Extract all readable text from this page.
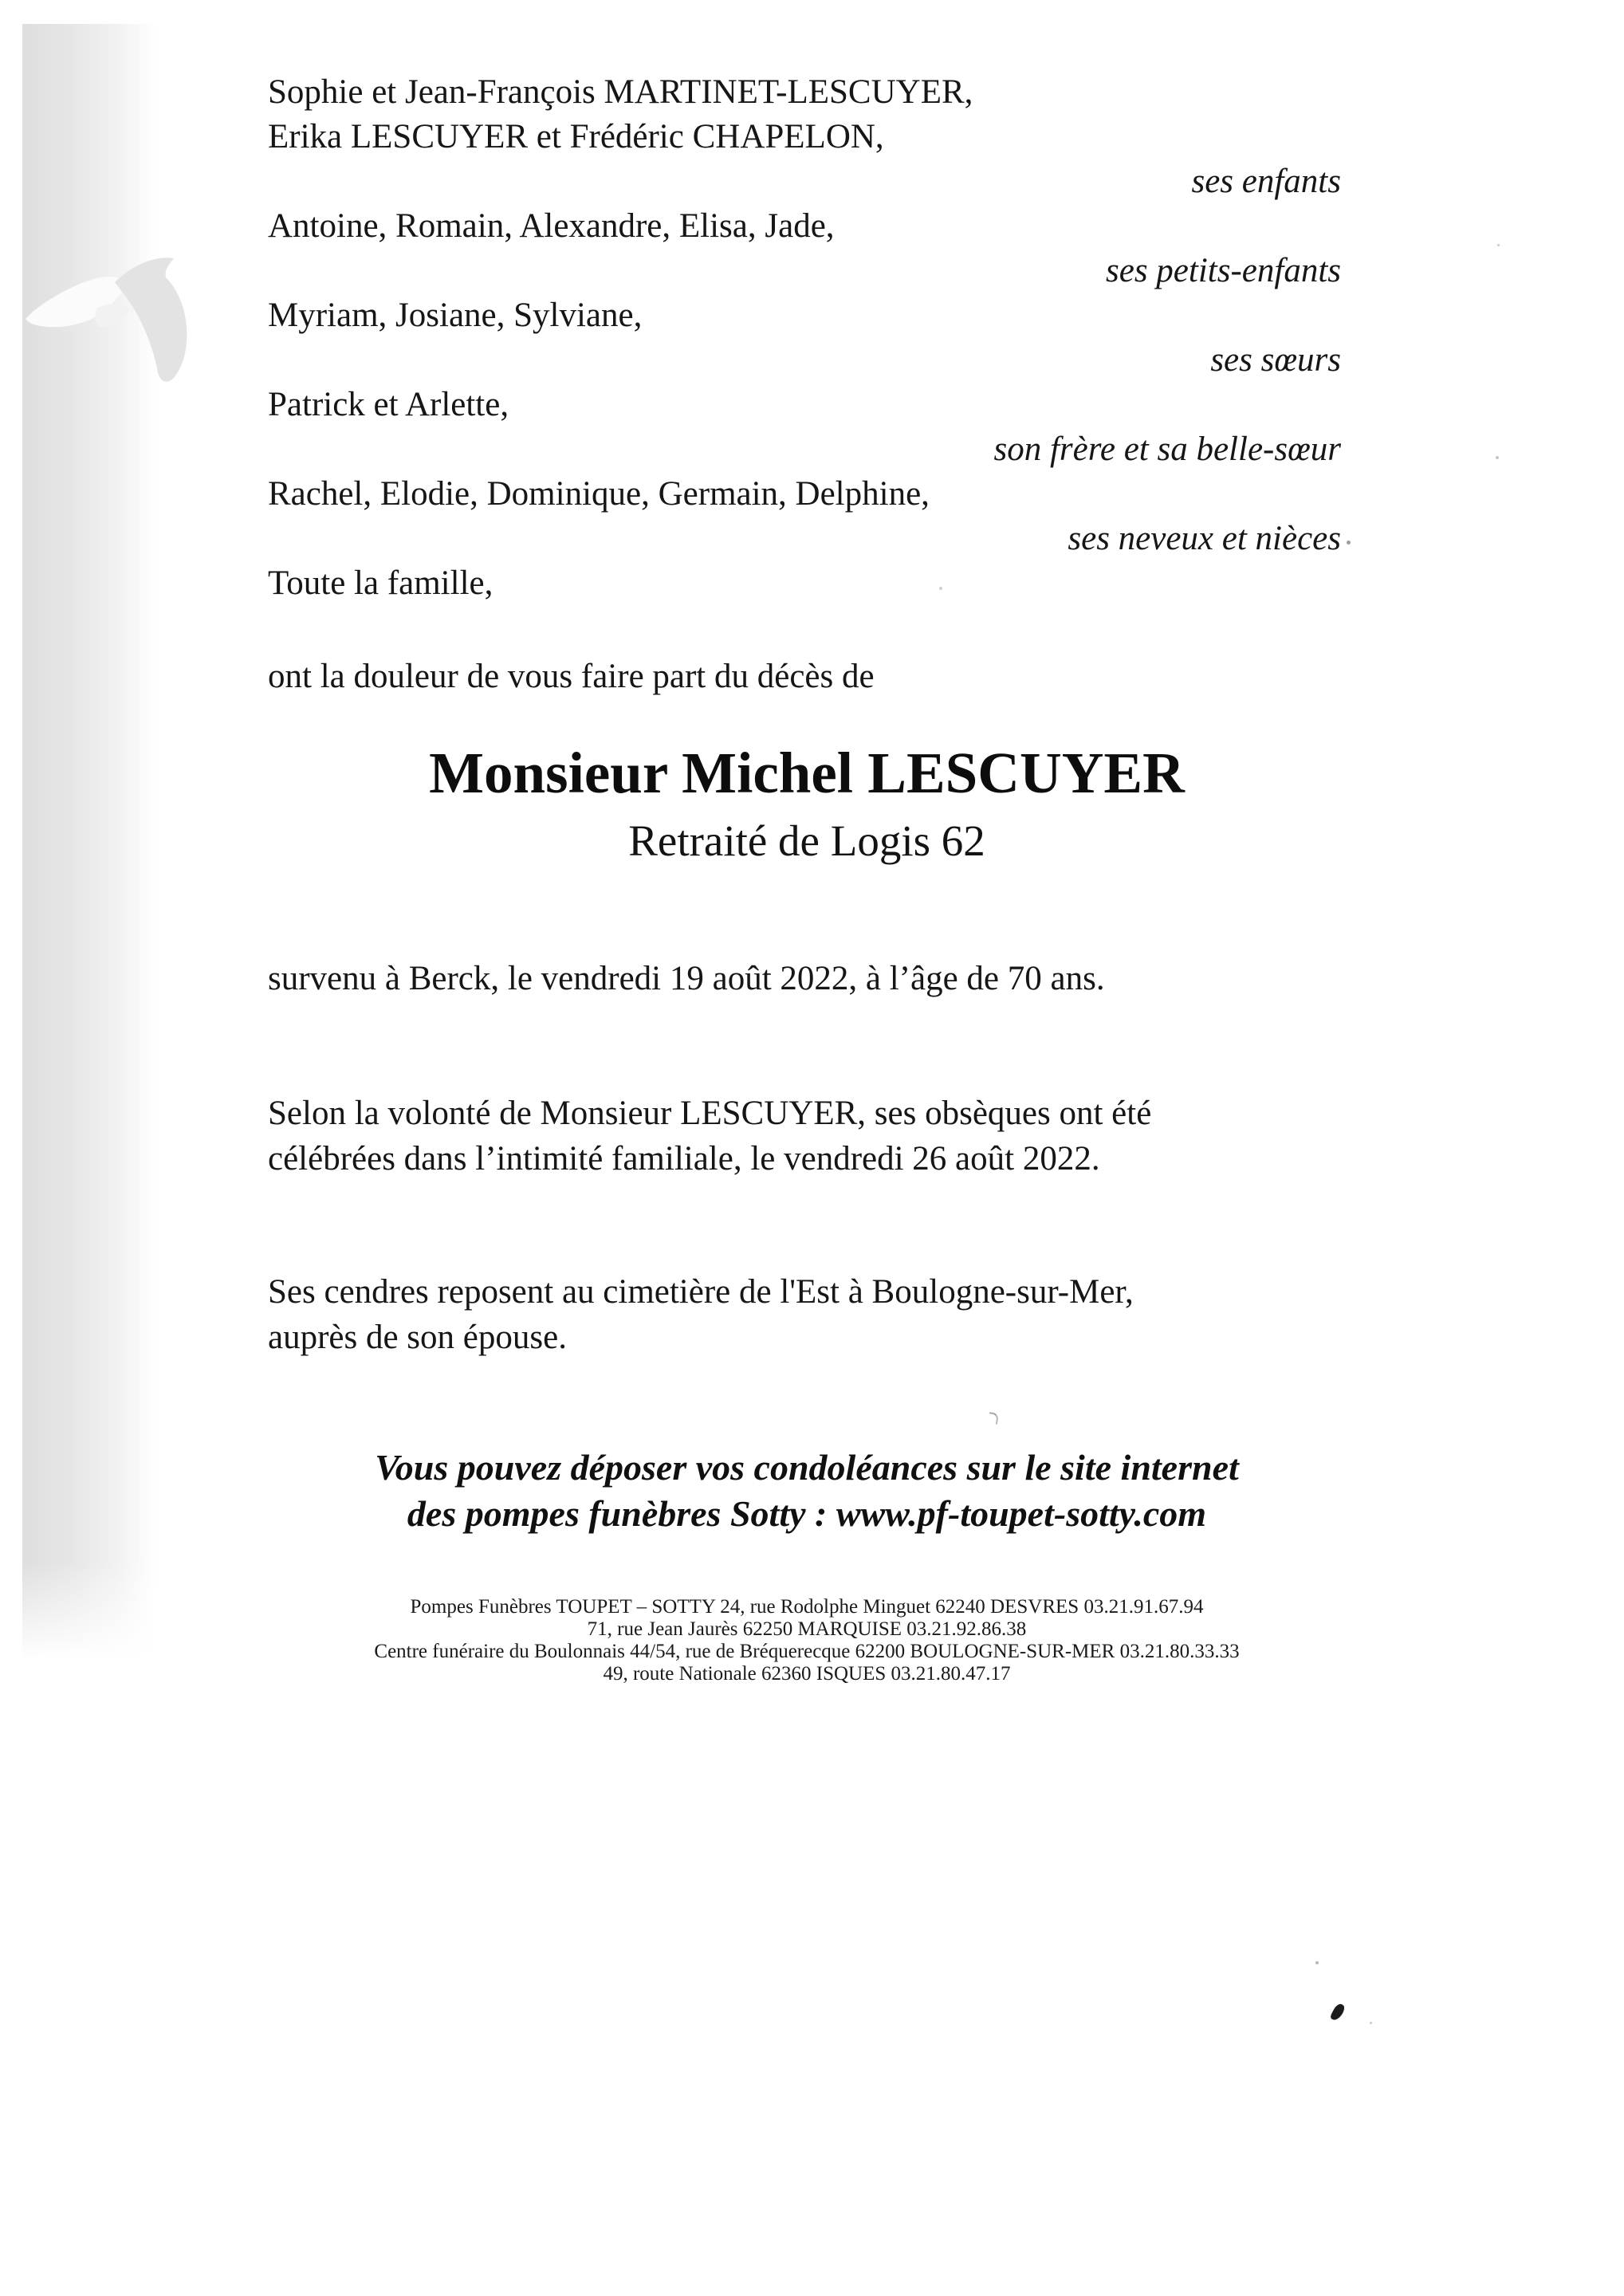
Sophie et Jean-François MARTINET-LESCUYER,
Erika LESCUYER et Frédéric CHAPELON,
ses enfants
Antoine, Romain, Alexandre, Elisa, Jade,
ses petits-enfants
Myriam, Josiane, Sylviane,
ses sœurs
Patrick et Arlette,
son frère et sa belle-sœur
Rachel, Elodie, Dominique, Germain, Delphine,
ses neveux et nièces
Toute la famille,
ont la douleur de vous faire part du décès de
Monsieur Michel LESCUYER
Retraité de Logis 62
survenu à Berck, le vendredi 19 août 2022, à l’âge de 70 ans.
Selon la volonté de Monsieur LESCUYER, ses obsèques ont été
célébrées dans l’intimité familiale, le vendredi 26 août 2022.
Ses cendres reposent au cimetière de l'Est à Boulogne-sur-Mer,
auprès de son épouse.
Vous pouvez déposer vos condoléances sur le site internet
des pompes funèbres Sotty : www.pf-toupet-sotty.com
Pompes Funèbres TOUPET – SOTTY 24, rue Rodolphe Minguet 62240 DESVRES 03.21.91.67.94
71, rue Jean Jaurès 62250 MARQUISE 03.21.92.86.38
Centre funéraire du Boulonnais 44/54, rue de Bréquerecque 62200 BOULOGNE-SUR-MER 03.21.80.33.33
49, route Nationale 62360 ISQUES 03.21.80.47.17
